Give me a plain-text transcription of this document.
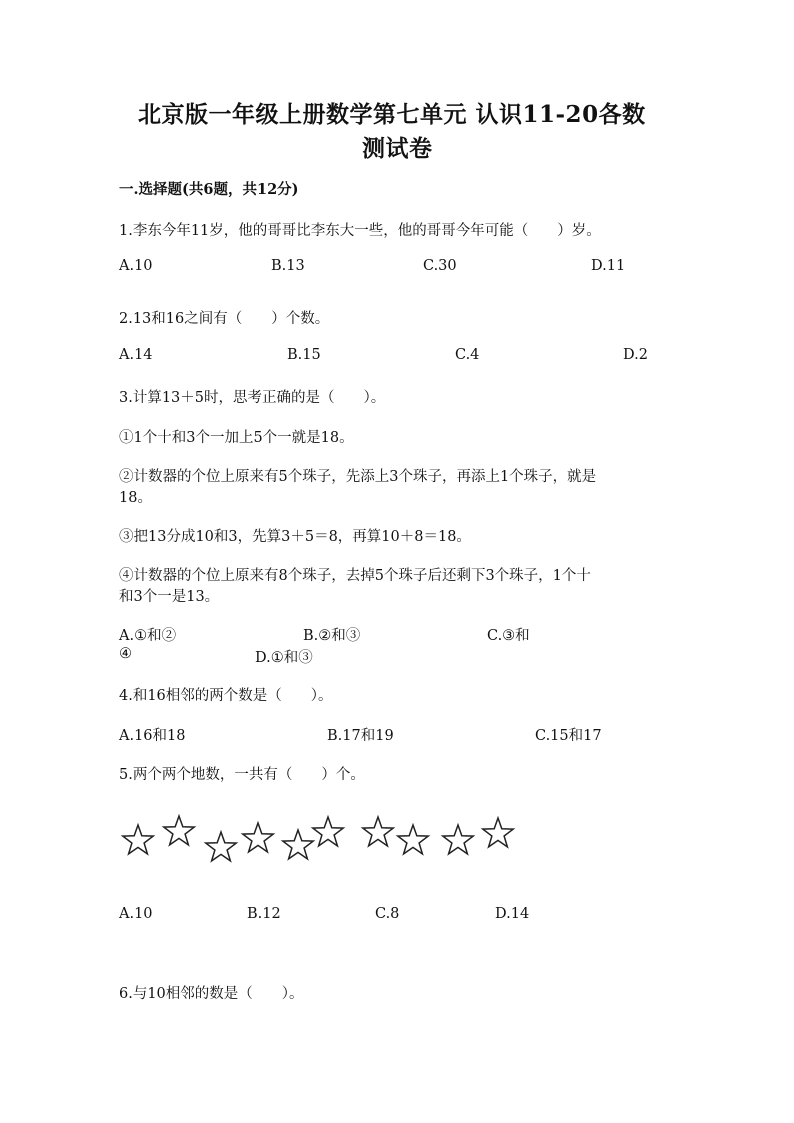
北京版一年级上册数学第七单元 认识11-20各数
测试卷
一.选择题(共6题，共12分)
1.李东今年11岁，他的哥哥比李东大一些，他的哥哥今年可能（　　）岁。
A.10	B.13	C.30	D.11
2.13和16之间有（　　）个数。
A.14	B.15	C.4	D.2
3.计算13＋5时，思考正确的是（　　）。
①1个十和3个一加上5个一就是18。
②计数器的个位上原来有5个珠子，先添上3个珠子，再添上1个珠子，就是
18。
③把13分成10和3，先算3＋5＝8，再算10＋8＝18。
④计数器的个位上原来有8个珠子，去掉5个珠子后还剩下3个珠子，1个十
和3个一是13。
A.①和②	B.②和③	C.③和
④	D.①和③
4.和16相邻的两个数是（　　）。
A.16和18	B.17和19	C.15和17
5.两个两个地数，一共有（　　）个。
A.10	B.12	C.8	D.14
6.与10相邻的数是（　　）。
